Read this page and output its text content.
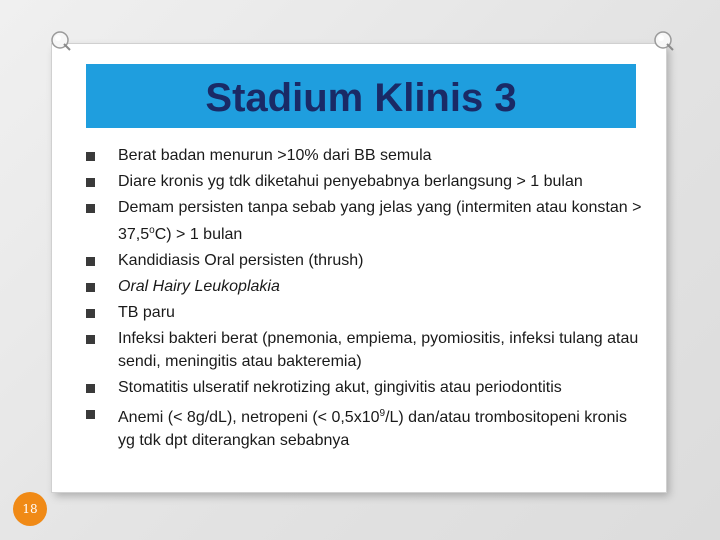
Stadium Klinis 3
Berat badan menurun >10% dari BB semula
Diare kronis yg tdk diketahui penyebabnya berlangsung > 1 bulan
Demam persisten tanpa sebab yang jelas yang (intermiten atau konstan > $37,5^oC) > 1$ bulan
Kandidiasis Oral persisten (thrush)
Oral Hairy Leukoplakia
TB paru
Infeksi bakteri berat (pnemonia, empiema, pyomiositis, infeksi tulang atau sendi, meningitis atau bakteremia)
Stomatitis ulseratif nekrotizing akut, gingivitis atau periodontitis
Anemi (< 8g/dL), netropeni (< $0,5x10^9/L$) dan/atau trombositopeni kronis yg tdk dpt diterangkan sebabnya
18
